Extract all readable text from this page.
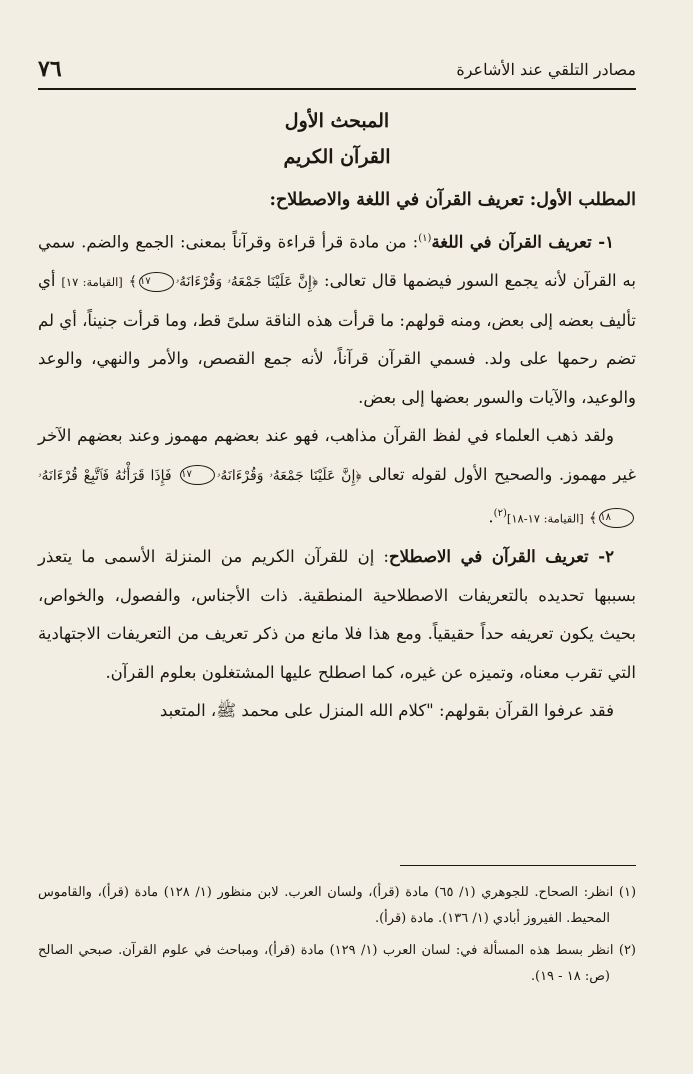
٧٦	مصادر التلقي عند الأشاعرة
المبحث الأول
القرآن الكريم
المطلب الأول: تعريف القرآن في اللغة والاصطلاح:

١- تعريف القرآن في اللغة$^{(١)}$: من مادة قرأ قراءة وقرآناً بمعنى: الجمع والضم. سمي به القرآن لأنه يجمع السور فيضمها قال تعالى: ﴿إِنَّ عَلَيْنَا جَمْعَهُۥ وَقُرْءَانَهُۥ١٧﴾ [القيامة: ١٧] أي تأليف بعضه إلى بعض، ومنه قولهم: ما قرأت هذه الناقة سلىً قط، وما قرأت جنيناً، أي لم تضم رحمها على ولد. فسمي القرآن قرآناً، لأنه جمع القصص، والأمر والنهي، والوعد والوعيد، والآيات والسور بعضها إلى بعض.

ولقد ذهب العلماء في لفظ القرآن مذاهب، فهو عند بعضهم مهموز وعند بعضهم الآخر غير مهموز. والصحيح الأول لقوله تعالى ﴿إِنَّ عَلَيْنَا جَمْعَهُۥ وَقُرْءَانَهُۥ١٧ فَإِذَا قَرَأْنَٰهُ فَٱتَّبِعْ قُرْءَانَهُۥ١٨﴾ [القيامة: ١٧-١٨]$^{(٢)}$.

٢- تعريف القرآن في الاصطلاح: إن للقرآن الكريم من المنزلة الأسمى ما يتعذر بسببها تحديده بالتعريفات الاصطلاحية المنطقية. ذات الأجناس، والفصول، والخواص، بحيث يكون تعريفه حداً حقيقياً. ومع هذا فلا مانع من ذكر تعريف من التعريفات الاجتهادية التي تقرب معناه، وتميزه عن غيره، كما اصطلح عليها المشتغلون بعلوم القرآن.

فقد عرفوا القرآن بقولهم: "كلام الله المنزل على محمد ﷺ، المتعبد

(١) انظر: الصحاح. للجوهري (١/ ٦٥) مادة (قرأ)، ولسان العرب. لابن منظور (١/ ١٢٨) مادة (قرأ)، والقاموس المحيط. الفيروز أبادي (١/ ١٣٦). مادة (قرأ).

(٢) انظر بسط هذه المسألة في: لسان العرب (١/ ١٢٩) مادة (قرأ)، ومباحث في علوم القرآن. صبحي الصالح (ص: ١٨ - ١٩).
